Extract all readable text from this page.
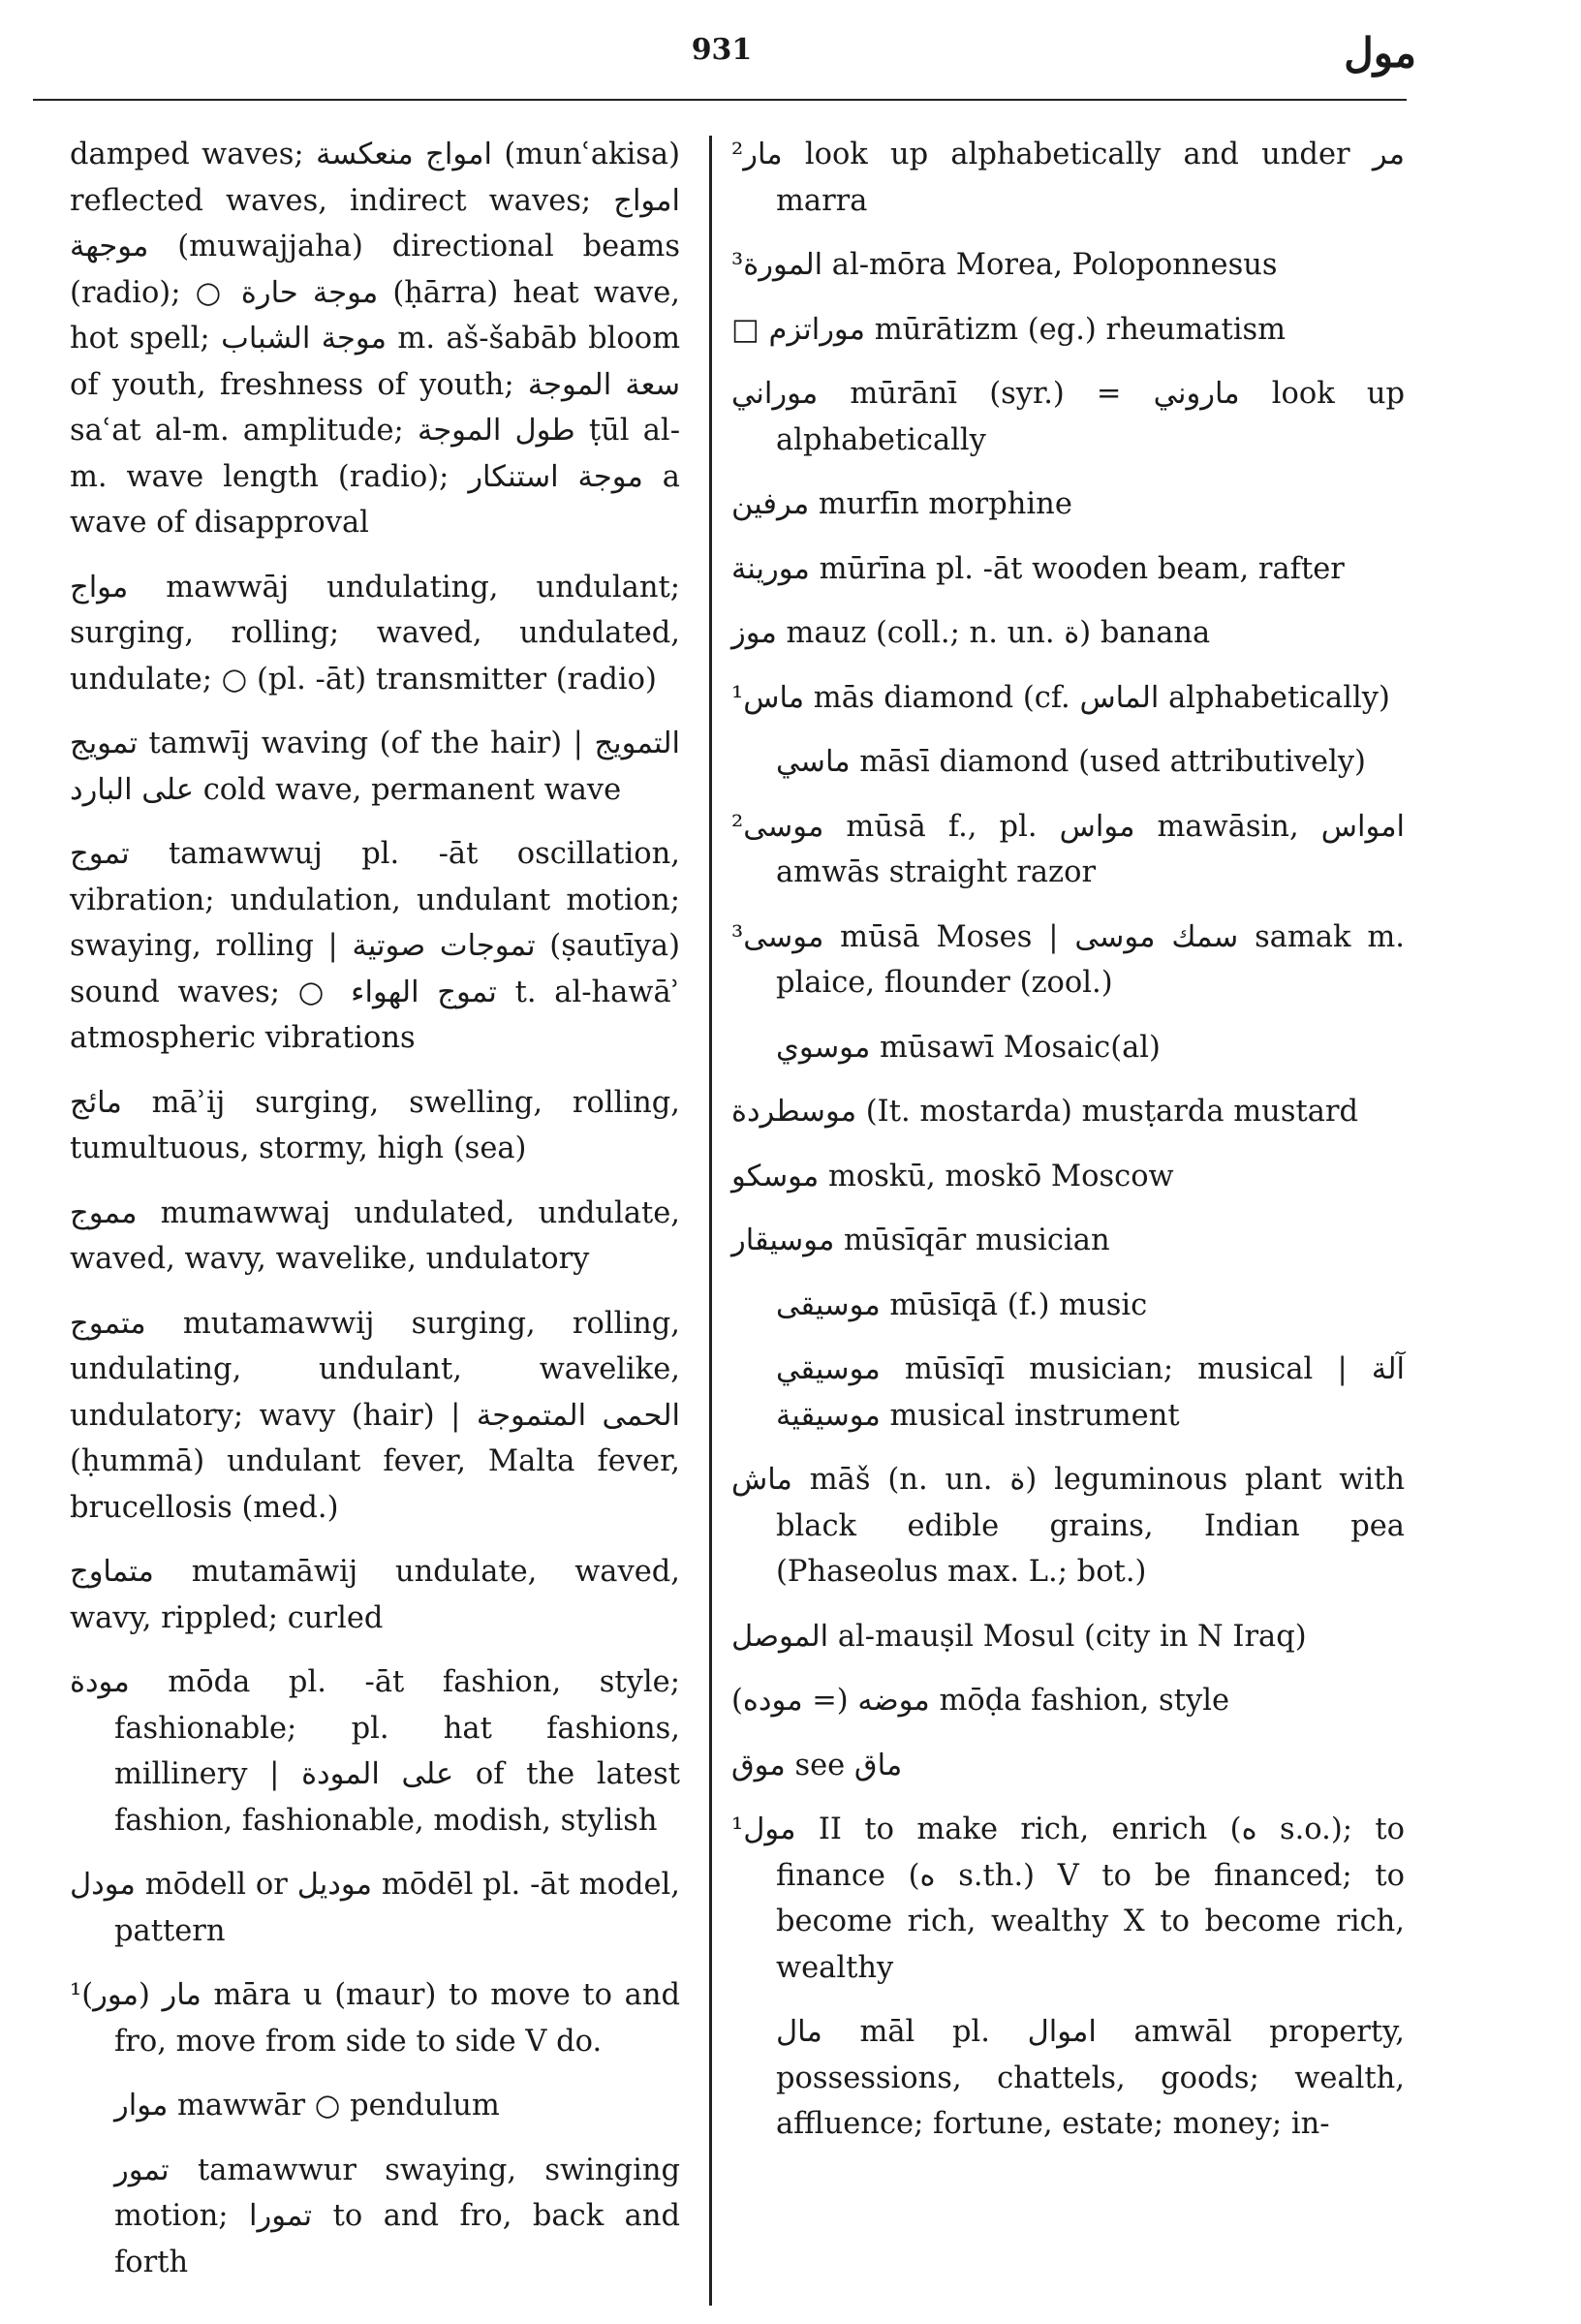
931	مول

damped waves; امواج منعكسة (munʿakisa) reflected waves, indirect waves; امواج موجهة (muwajjaha) directional beams (radio); ○ موجة حارة (ḥārra) heat wave, hot spell; موجة الشباب m. aš-šabāb bloom of youth, freshness of youth; سعة الموجة saʿat al-m. amplitude; طول الموجة ṭūl al-m. wave length (radio); موجة استنكار a wave of disapproval

مواج mawwāj undulating, undulant; surging, rolling; waved, undulated, undulate; ○ (pl. -āt) transmitter (radio)

تمويج tamwīj waving (of the hair) | التمويج على البارد cold wave, permanent wave

تموج tamawwuj pl. -āt oscillation, vibration; undulation, undulant motion; swaying, rolling | تموجات صوتية (ṣautīya) sound waves; ○ تموج الهواء t. al-hawāʾ atmospheric vibrations

مائج māʾij surging, swelling, rolling, tumultuous, stormy, high (sea)

مموج mumawwaj undulated, undulate, waved, wavy, wavelike, undulatory

متموج mutamawwij surging, rolling, undulating, undulant, wavelike, undulatory; wavy (hair) | الحمى المتموجة (ḥummā) undulant fever, Malta fever, brucellosis (med.)

متماوج mutamāwij undulate, waved, wavy, rippled; curled

مودة mōda pl. -āt fashion, style; fashionable; pl. hat fashions, millinery | على المودة of the latest fashion, fashionable, modish, stylish

مودل mōdell or موديل mōdēl pl. -āt model, pattern

¹(مور) مار māra u (maur) to move to and fro, move from side to side V do.

موار mawwār ○ pendulum

تمور tamawwur swaying, swinging motion; تمورا to and fro, back and forth

²مار look up alphabetically and under مر marra

³المورة al-mōra Morea, Poloponnesus

□ موراتزم mūrātizm (eg.) rheumatism

موراني mūrānī (syr.) = ماروني look up alphabetically

مرفين murfīn morphine

مورينة mūrīna pl. -āt wooden beam, rafter

موز mauz (coll.; n. un. ة) banana

¹ماس mās diamond (cf. الماس alphabetically)

ماسي māsī diamond (used attributively)

²موسى mūsā f., pl. مواس mawāsin, امواس amwās straight razor

³موسى mūsā Moses | سمك موسى samak m. plaice, flounder (zool.)

موسوي mūsawī Mosaic(al)

موسطردة (It. mostarda) musṭarda mustard

موسكو moskū, moskō Moscow

موسيقار mūsīqār musician

موسيقى mūsīqā (f.) music

موسيقي mūsīqī musician; musical | آلة موسيقية musical instrument

ماش māš (n. un. ة) leguminous plant with black edible grains, Indian pea (Phaseolus max. L.; bot.)

الموصل al-mauṣil Mosul (city in N Iraq)

موضه (= موده) mōḍa fashion, style

موق see ماق

¹مول II to make rich, enrich (ه s.o.); to finance (ه s.th.) V to be financed; to become rich, wealthy X to become rich, wealthy

مال māl pl. اموال amwāl property, possessions, chattels, goods; wealth, affluence; fortune, estate; money; in-
